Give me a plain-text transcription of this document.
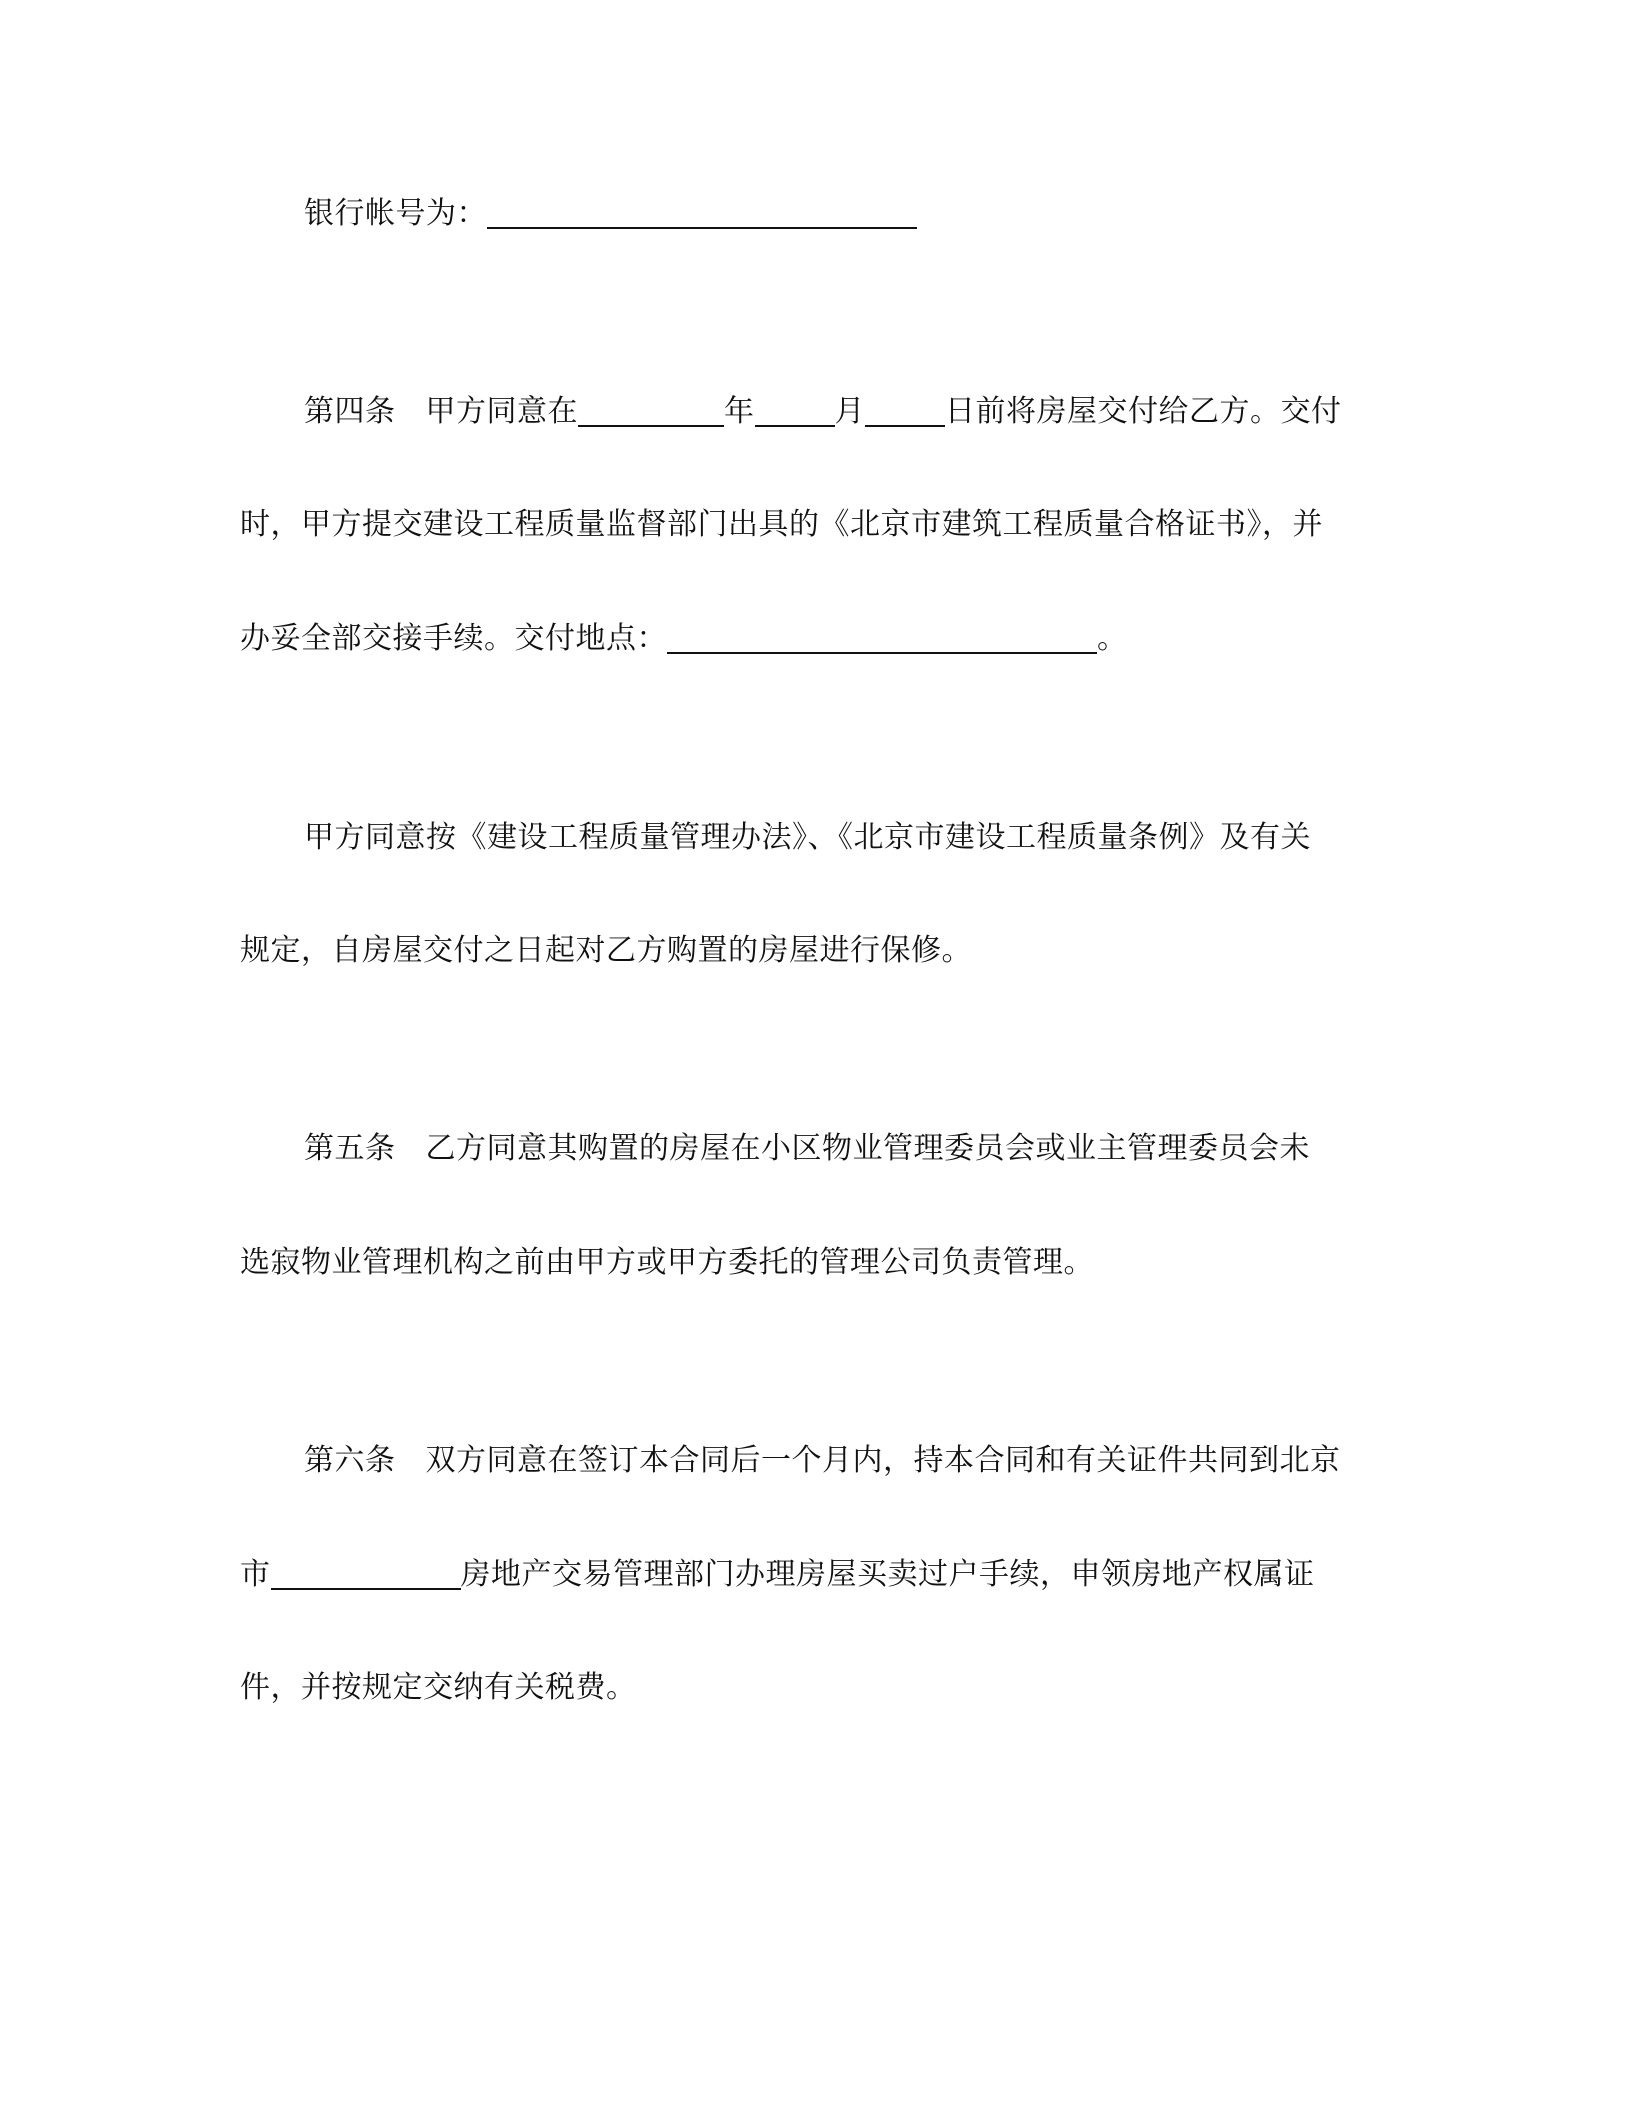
银行帐号为：
第四条 甲方同意在	年	月	日前将房屋交付给乙方。交付
时，甲方提交建设工程质量监督部门出具的《北京市建筑工程质量合格证书》，并
办妥全部交接手续。交付地点：	。
甲方同意按《建设工程质量管理办法》、《北京市建设工程质量条例》及有关
规定，自房屋交付之日起对乙方购置的房屋进行保修。
第五条 乙方同意其购置的房屋在小区物业管理委员会或业主管理委员会未
选寂物业管理机构之前由甲方或甲方委托的管理公司负责管理。
第六条 双方同意在签订本合同后一个月内，持本合同和有关证件共同到北京
市	房地产交易管理部门办理房屋买卖过户手续，申领房地产权属证
件，并按规定交纳有关税费。
